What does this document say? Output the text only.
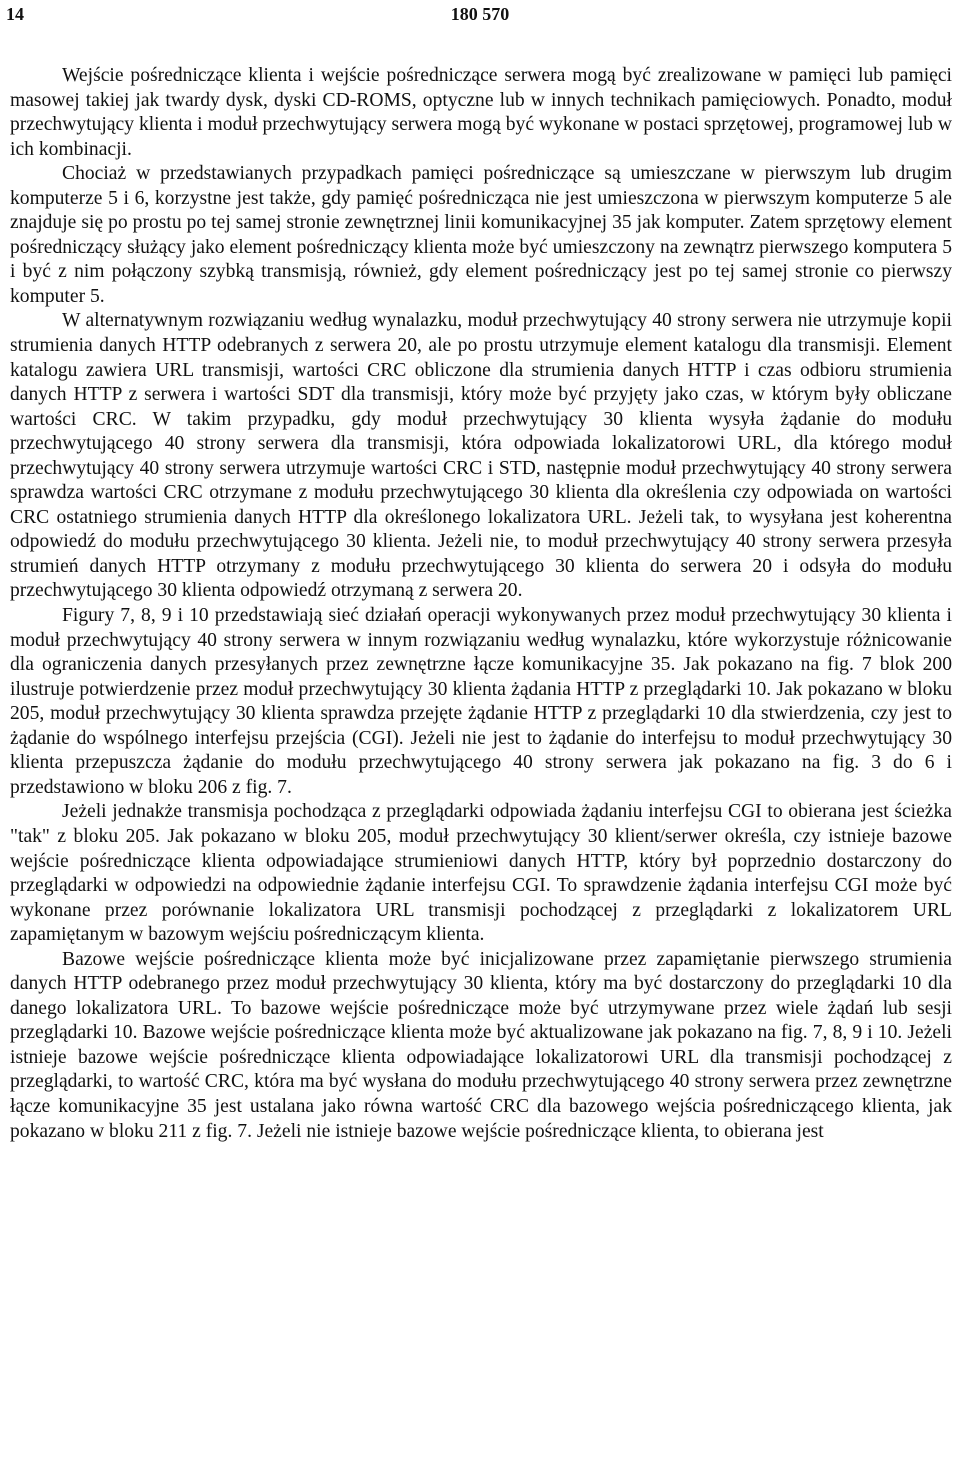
14	180 570

Wejście pośredniczące klienta i wejście pośredniczące serwera mogą być zrealizowane w pamięci lub pamięci masowej takiej jak twardy dysk, dyski CD-ROMS, optyczne lub w innych technikach pamięciowych. Ponadto, moduł przechwytujący klienta i moduł przechwytujący serwera mogą być wykonane w postaci sprzętowej, programowej lub w ich kombinacji.

Chociaż w przedstawianych przypadkach pamięci pośredniczące są umieszczane w pierwszym lub drugim komputerze 5 i 6, korzystne jest także, gdy pamięć pośrednicząca nie jest umieszczona w pierwszym komputerze 5 ale znajduje się po prostu po tej samej stronie zewnętrznej linii komunikacyjnej 35 jak komputer. Zatem sprzętowy element pośredniczący służący jako element pośredniczący klienta może być umieszczony na zewnątrz pierwszego komputera 5 i być z nim połączony szybką transmisją, również, gdy element pośredniczący jest po tej samej stronie co pierwszy komputer 5.

W alternatywnym rozwiązaniu według wynalazku, moduł przechwytujący 40 strony serwera nie utrzymuje kopii strumienia danych HTTP odebranych z serwera 20, ale po prostu utrzymuje element katalogu dla transmisji. Element katalogu zawiera URL transmisji, wartości CRC obliczone dla strumienia danych HTTP i czas odbioru strumienia danych HTTP z serwera i wartości SDT dla transmisji, który może być przyjęty jako czas, w którym były obliczane wartości CRC. W takim przypadku, gdy moduł przechwytujący 30 klienta wysyła żądanie do modułu przechwytującego 40 strony serwera dla transmisji, która odpowiada lokalizatorowi URL, dla którego moduł przechwytujący 40 strony serwera utrzymuje wartości CRC i STD, następnie moduł przechwytujący 40 strony serwera sprawdza wartości CRC otrzymane z modułu przechwytującego 30 klienta dla określenia czy odpowiada on wartości CRC ostatniego strumienia danych HTTP dla określonego lokalizatora URL. Jeżeli tak, to wysyłana jest koherentna odpowiedź do modułu przechwytującego 30 klienta. Jeżeli nie, to moduł przechwytujący 40 strony serwera przesyła strumień danych HTTP otrzymany z modułu przechwytującego 30 klienta do serwera 20 i odsyła do modułu przechwytującego 30 klienta odpowiedź otrzymaną z serwera 20.

Figury 7, 8, 9 i 10 przedstawiają sieć działań operacji wykonywanych przez moduł przechwytujący 30 klienta i moduł przechwytujący 40 strony serwera w innym rozwiązaniu według wynalazku, które wykorzystuje różnicowanie dla ograniczenia danych przesyłanych przez zewnętrzne łącze komunikacyjne 35. Jak pokazano na fig. 7 blok 200 ilustruje potwierdzenie przez moduł przechwytujący 30 klienta żądania HTTP z przeglądarki 10. Jak pokazano w bloku 205, moduł przechwytujący 30 klienta sprawdza przejęte żądanie HTTP z przeglądarki 10 dla stwierdzenia, czy jest to żądanie do wspólnego interfejsu przejścia (CGI). Jeżeli nie jest to żądanie do interfejsu to moduł przechwytujący 30 klienta przepuszcza żądanie do modułu przechwytującego 40 strony serwera jak pokazano na fig. 3 do 6 i przedstawiono w bloku 206 z fig. 7.

Jeżeli jednakże transmisja pochodząca z przeglądarki odpowiada żądaniu interfejsu CGI to obierana jest ścieżka "tak" z bloku 205. Jak pokazano w bloku 205, moduł przechwytujący 30 klient/serwer określa, czy istnieje bazowe wejście pośredniczące klienta odpowiadające strumieniowi danych HTTP, który był poprzednio dostarczony do przeglądarki w odpowiedzi na odpowiednie żądanie interfejsu CGI. To sprawdzenie żądania interfejsu CGI może być wykonane przez porównanie lokalizatora URL transmisji pochodzącej z przeglądarki z lokalizatorem URL zapamiętanym w bazowym wejściu pośredniczącym klienta.

Bazowe wejście pośredniczące klienta może być inicjalizowane przez zapamiętanie pierwszego strumienia danych HTTP odebranego przez moduł przechwytujący 30 klienta, który ma być dostarczony do przeglądarki 10 dla danego lokalizatora URL. To bazowe wejście pośredniczące może być utrzymywane przez wiele żądań lub sesji przeglądarki 10. Bazowe wejście pośredniczące klienta może być aktualizowane jak pokazano na fig. 7, 8, 9 i 10. Jeżeli istnieje bazowe wejście pośredniczące klienta odpowiadające lokalizatorowi URL dla transmisji pochodzącej z przeglądarki, to wartość CRC, która ma być wysłana do modułu przechwytującego 40 strony serwera przez zewnętrzne łącze komunikacyjne 35 jest ustalana jako równa wartość CRC dla bazowego wejścia pośredniczącego klienta, jak pokazano w bloku 211 z fig. 7. Jeżeli nie istnieje bazowe wejście pośredniczące klienta, to obierana jest
